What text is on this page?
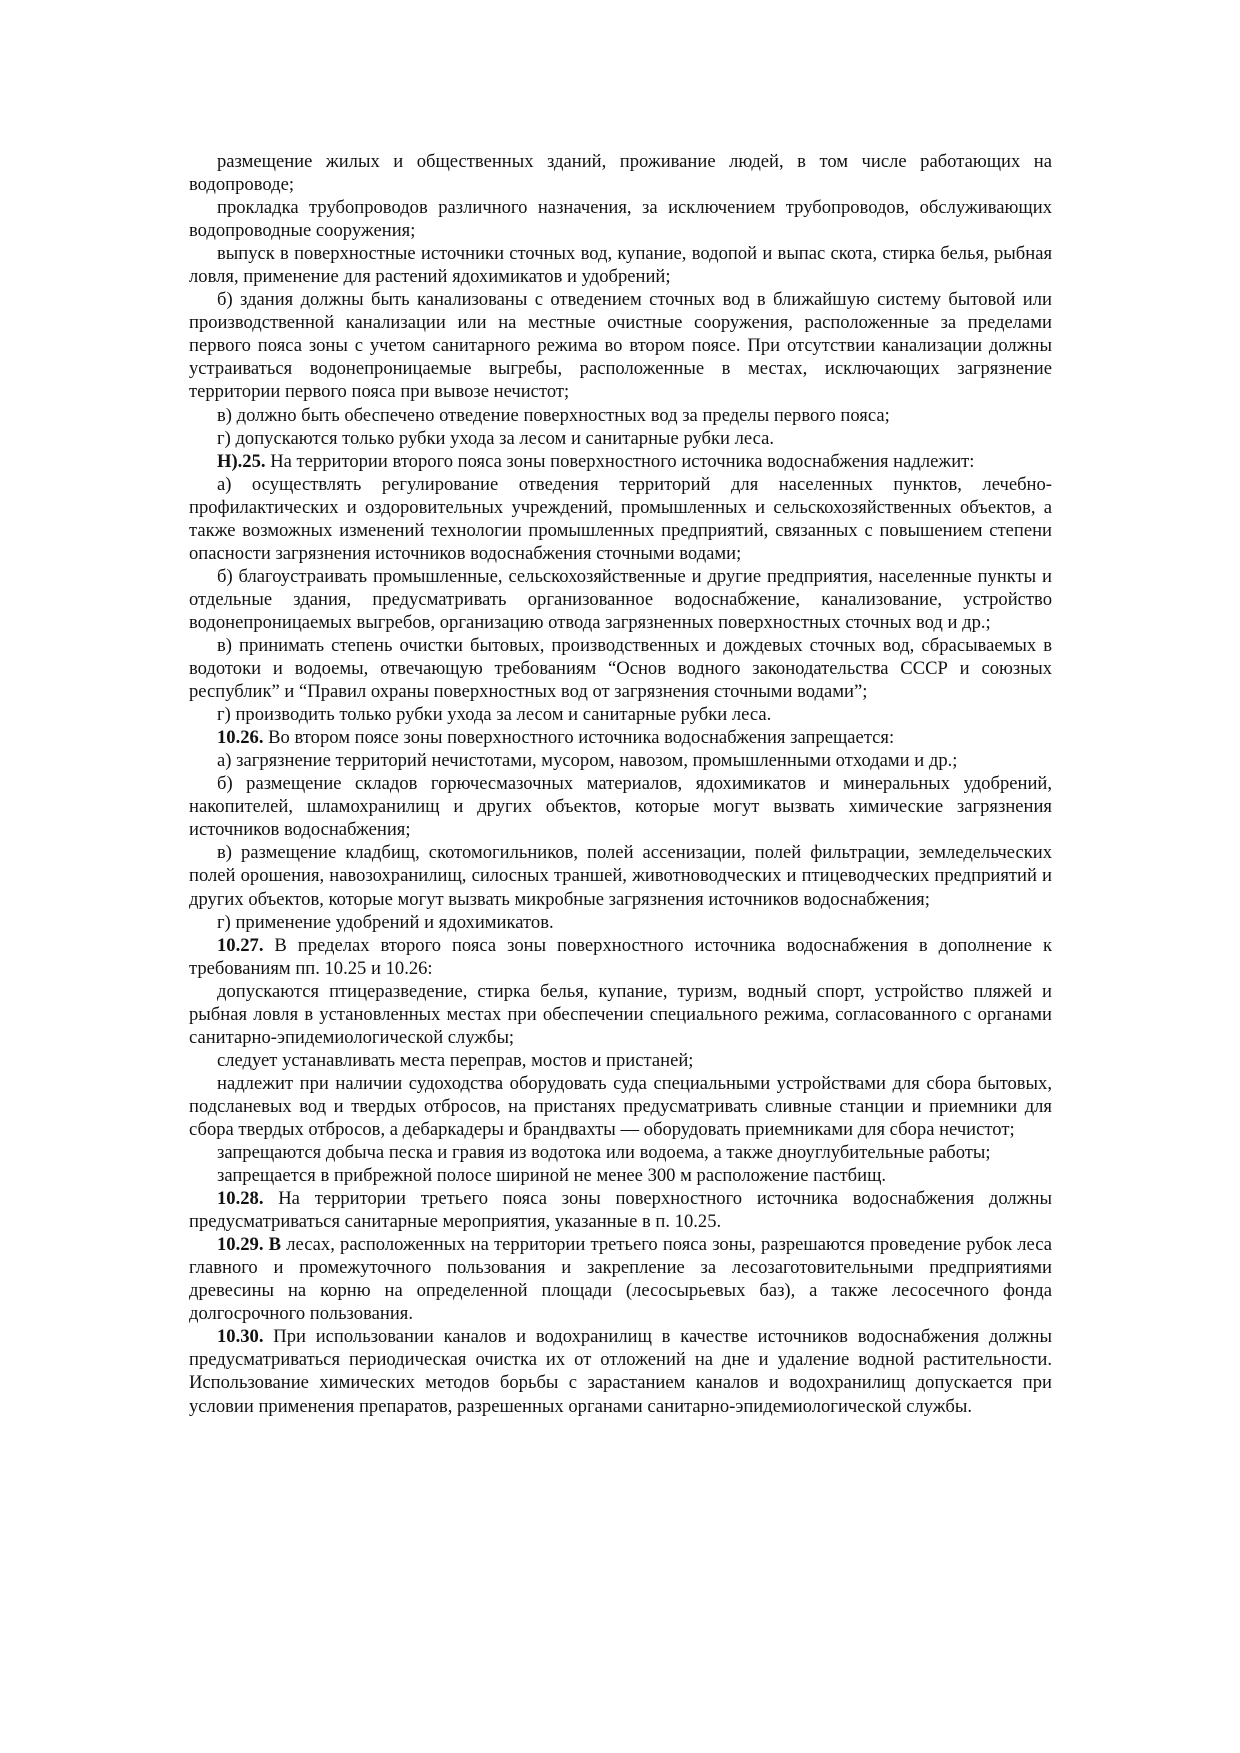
размещение жилых и общественных зданий, проживание людей, в том числе работающих на водопроводе;

прокладка трубопроводов различного назначения, за исключением трубопроводов, обслуживающих водопроводные сооружения;

выпуск в поверхностные источники сточных вод, купание, водопой и выпас скота, стирка белья, рыбная ловля, применение для растений ядохимикатов и удобрений;

б) здания должны быть канализованы с отведением сточных вод в ближайшую систему бытовой или производственной канализации или на местные очистные сооружения, расположенные за пределами первого пояса зоны с учетом санитарного режима во втором поясе. При отсутствии канализации должны устраиваться водонепроницаемые выгребы, расположенные в местах, исключающих загрязнение территории первого пояса при вывозе нечистот;

в) должно быть обеспечено отведение поверхностных вод за пределы первого пояса;

г) допускаются только рубки ухода за лесом и санитарные рубки леса.

Н).25. На территории второго пояса зоны поверхностного источника водоснабжения надлежит:

а) осуществлять регулирование отведения территорий для населенных пунктов, лечебно-профилактических и оздоровительных учреждений, промышленных и сельскохозяйственных объектов, а также возможных изменений технологии промышленных предприятий, связанных с повышением степени опасности загрязнения источников водоснабжения сточными водами;

б) благоустраивать промышленные, сельскохозяйственные и другие предприятия, населенные пункты и отдельные здания, предусматривать организованное водоснабжение, канализование, устройство водонепроницаемых выгребов, организацию отвода загрязненных поверхностных сточных вод и др.;

в) принимать степень очистки бытовых, производственных и дождевых сточных вод, сбрасываемых в водотоки и водоемы, отвечающую требованиям “Основ водного законодательства СССР и союзных республик” и “Правил охраны поверхностных вод от загрязнения сточными водами”;

г) производить только рубки ухода за лесом и санитарные рубки леса.

10.26. Во втором поясе зоны поверхностного источника водоснабжения запрещается:

а) загрязнение территорий нечистотами, мусором, навозом, промышленными отходами и др.;

б) размещение складов горючесмазочных материалов, ядохимикатов и минеральных удобрений, накопителей, шламохранилищ и других объектов, которые могут вызвать химические загрязнения источников водоснабжения;

в) размещение кладбищ, скотомогильников, полей ассенизации, полей фильтрации, земледельческих полей орошения, навозохранилищ, силосных траншей, животноводческих и птицеводческих предприятий и других объектов, которые могут вызвать микробные загрязнения источников водоснабжения;

г) применение удобрений и ядохимикатов.

10.27. В пределах второго пояса зоны поверхностного источника водоснабжения в дополнение к требованиям пп. 10.25 и 10.26:

допускаются птицеразведение, стирка белья, купание, туризм, водный спорт, устройство пляжей и рыбная ловля в установленных местах при обеспечении специального режима, согласованного с органами санитарно-эпидемиологической службы;

следует устанавливать места переправ, мостов и пристаней;

надлежит при наличии судоходства оборудовать суда специальными устройствами для сбора бытовых, подсланевых вод и твердых отбросов, на пристанях предусматривать сливные станции и приемники для сбора твердых отбросов, а дебаркадеры и брандвахты — оборудовать приемниками для сбора нечистот;

запрещаются добыча песка и гравия из водотока или водоема, а также дноуглубительные работы;

запрещается в прибрежной полосе шириной не менее 300 м расположение пастбищ.

10.28. На территории третьего пояса зоны поверхностного источника водоснабжения должны предусматриваться санитарные мероприятия, указанные в п. 10.25.

10.29. В лесах, расположенных на территории третьего пояса зоны, разрешаются проведение рубок леса главного и промежуточного пользования и закрепление за лесозаготовительными предприятиями древесины на корню на определенной площади (лесосырьевых баз), а также лесосечного фонда долгосрочного пользования.

10.30. При использовании каналов и водохранилищ в качестве источников водоснабжения должны предусматриваться периодическая очистка их от отложений на дне и удаление водной растительности. Использование химических методов борьбы с зарастанием каналов и водохранилищ допускается при условии применения препаратов, разрешенных органами санитарно-эпидемиологической службы.
